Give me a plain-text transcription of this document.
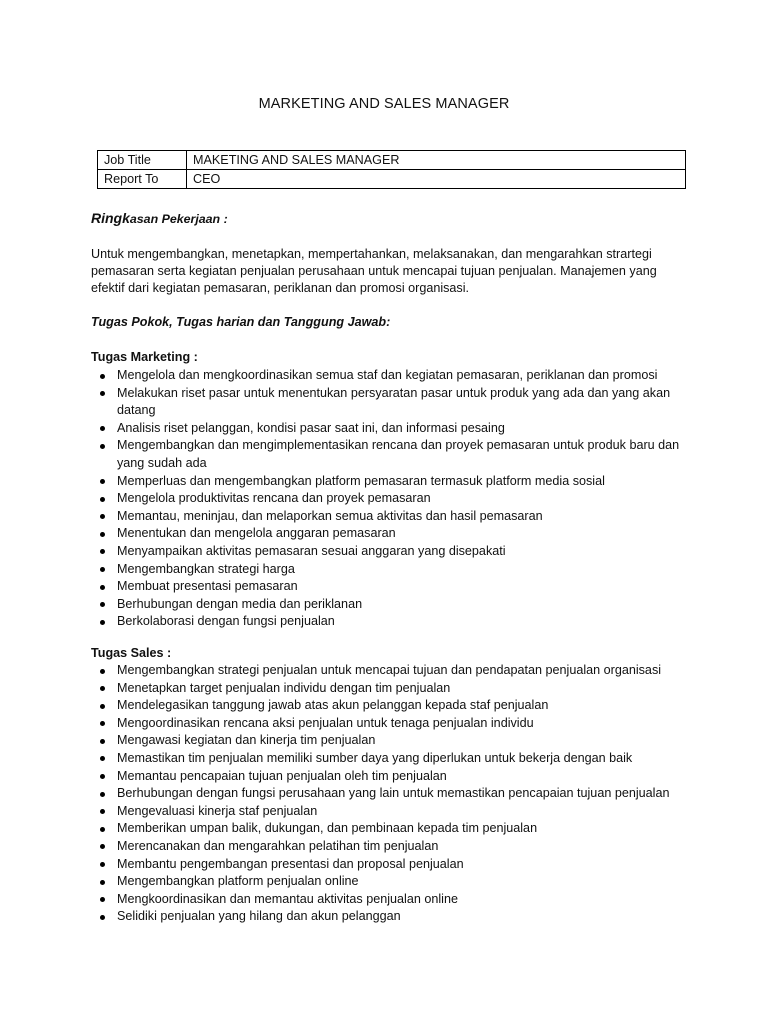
MARKETING AND SALES MANAGER
Job Title	MAKETING AND SALES MANAGER
Report To	CEO
Ringkasan Pekerjaan :
Untuk mengembangkan, menetapkan, mempertahankan, melaksanakan, dan mengarahkan strartegi pemasaran serta kegiatan penjualan perusahaan untuk mencapai tujuan penjualan. Manajemen yang efektif dari kegiatan pemasaran, periklanan dan promosi organisasi.
Tugas Pokok, Tugas harian dan Tanggung Jawab:
Tugas Marketing :
Mengelola dan mengkoordinasikan semua staf dan kegiatan pemasaran, periklanan dan promosi
Melakukan riset pasar untuk menentukan persyaratan pasar untuk produk yang ada dan yang akan datang
Analisis riset pelanggan, kondisi pasar saat ini, dan informasi pesaing
Mengembangkan dan mengimplementasikan rencana dan proyek pemasaran untuk produk baru dan yang sudah ada
Memperluas dan mengembangkan platform pemasaran termasuk platform media sosial
Mengelola produktivitas rencana dan proyek pemasaran
Memantau, meninjau, dan melaporkan semua aktivitas dan hasil pemasaran
Menentukan dan mengelola anggaran pemasaran
Menyampaikan aktivitas pemasaran sesuai anggaran yang disepakati
Mengembangkan strategi harga
Membuat presentasi pemasaran
Berhubungan dengan media dan periklanan
Berkolaborasi dengan fungsi penjualan
Tugas Sales :
Mengembangkan strategi penjualan untuk mencapai tujuan dan pendapatan penjualan organisasi
Menetapkan target penjualan individu dengan tim penjualan
Mendelegasikan tanggung jawab atas akun pelanggan kepada staf penjualan
Mengoordinasikan rencana aksi penjualan untuk tenaga penjualan individu
Mengawasi kegiatan dan kinerja tim penjualan
Memastikan tim penjualan memiliki sumber daya yang diperlukan untuk bekerja dengan baik
Memantau pencapaian tujuan penjualan oleh tim penjualan
Berhubungan dengan fungsi perusahaan yang lain untuk memastikan pencapaian tujuan penjualan
Mengevaluasi kinerja staf penjualan
Memberikan umpan balik, dukungan, dan pembinaan kepada tim penjualan
Merencanakan dan mengarahkan pelatihan tim penjualan
Membantu pengembangan presentasi dan proposal penjualan
Mengembangkan platform penjualan online
Mengkoordinasikan dan memantau aktivitas penjualan online
Selidiki penjualan yang hilang dan akun pelanggan
